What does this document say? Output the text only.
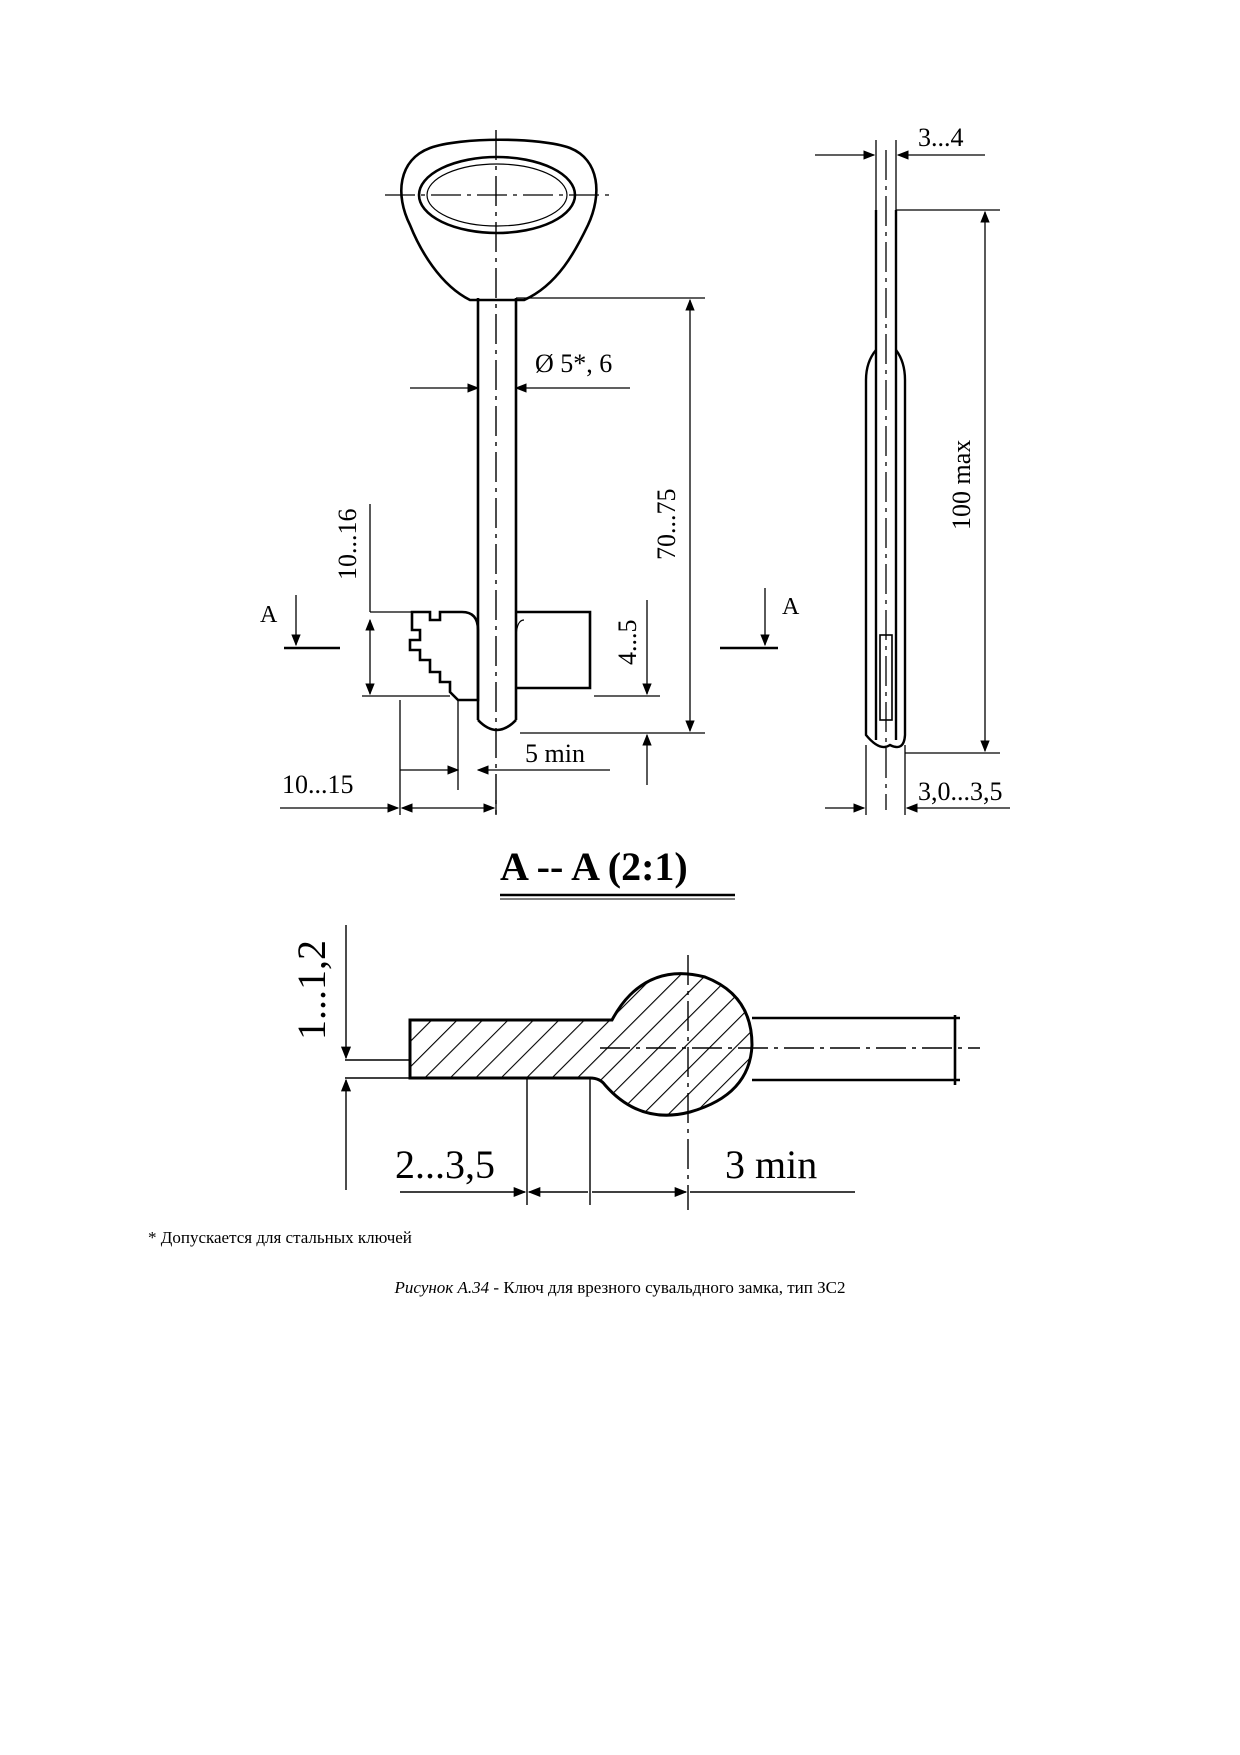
70...75
Ø 5*, 6
10...16
4...5
5 min
10...15
A	A
3...4
100 max
3,0...3,5
A -- A (2:1)
1...1,2
2...3,5	3 min
* Допускается для стальных ключей
Рисунок А.34 - Ключ для врезного сувальдного замка, тип ЗС2
